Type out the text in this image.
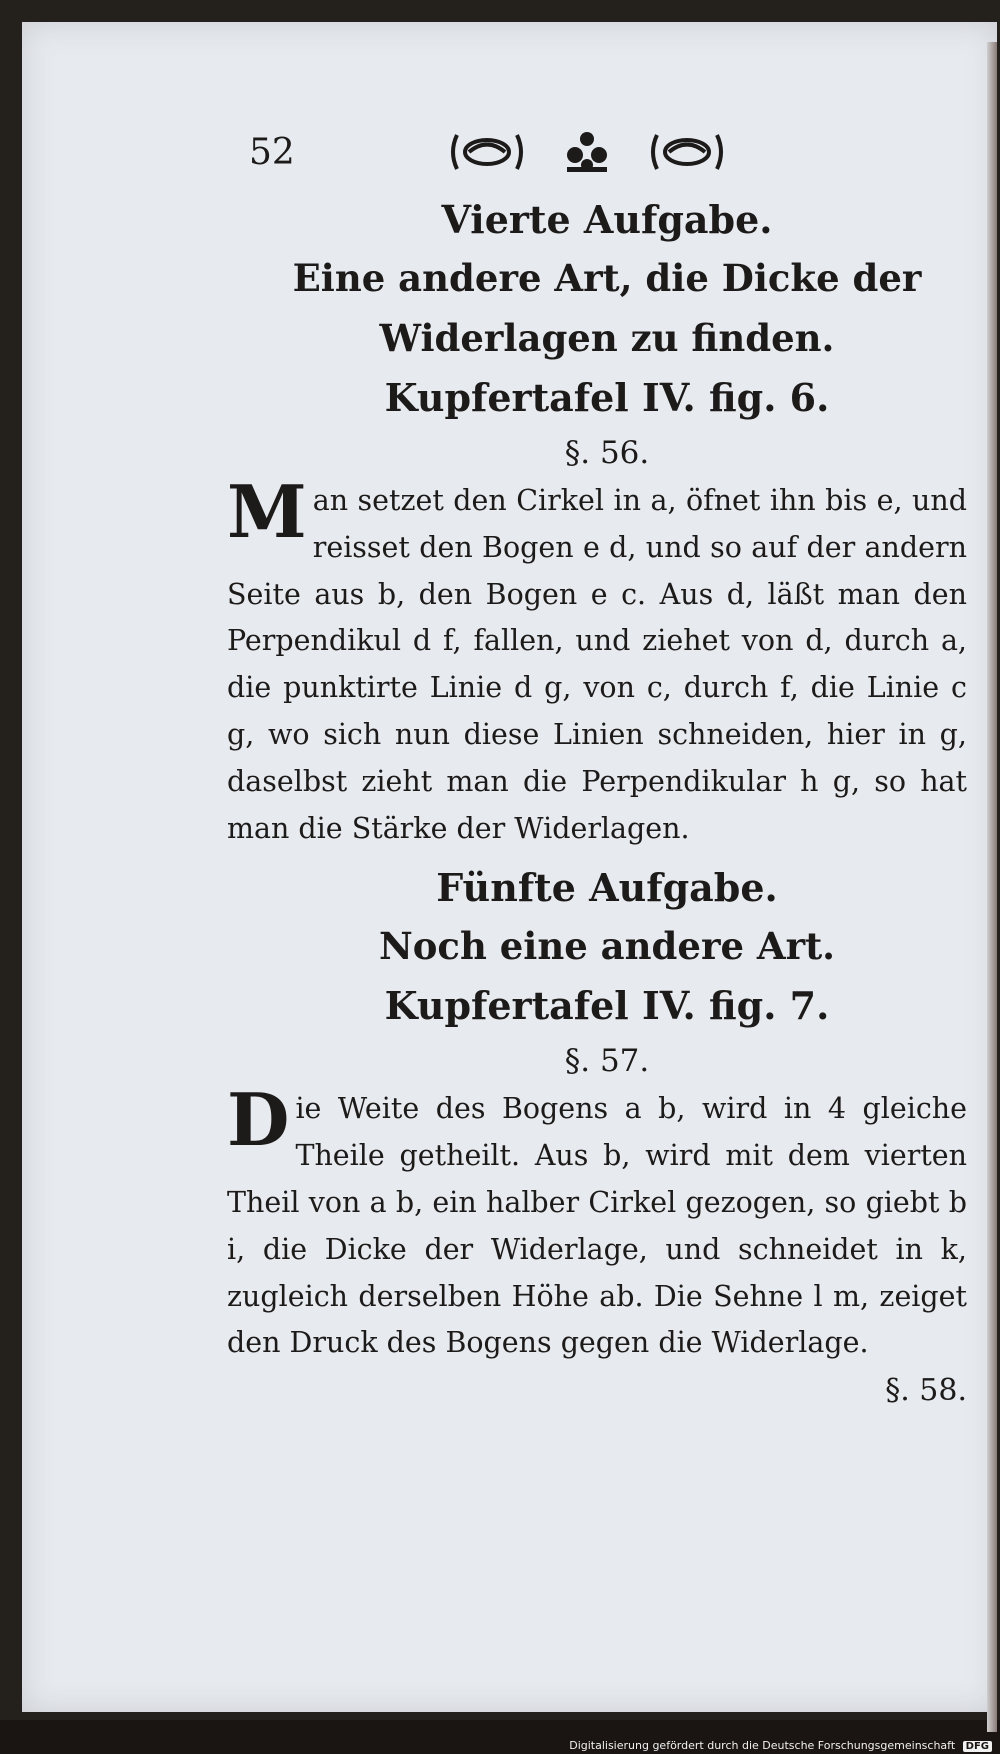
52

Vierte Aufgabe.

Eine andere Art, die Dicke der Widerlagen zu finden.

Kupfertafel IV. fig. 6.

§. 56.

M an setzet den Cirkel in a, öfnet ihn bis e, und reisset den Bogen e d, und so auf der andern Seite aus b, den Bogen e c. Aus d, läßt man den Perpendikul d f, fallen, und ziehet von d, durch a, die punktirte Linie d g, von c, durch f, die Linie c g, wo sich nun diese Linien schneiden, hier in g, daselbst zieht man die Perpendikular h g, so hat man die Stärke der Widerlagen.

Fünfte Aufgabe.

Noch eine andere Art.

Kupfertafel IV. fig. 7.

§. 57.

D ie Weite des Bogens a b, wird in 4 gleiche Theile getheilt. Aus b, wird mit dem vierten Theil von a b, ein halber Cirkel gezogen, so giebt b i, die Dicke der Widerlage, und schneidet in k, zugleich derselben Höhe ab. Die Sehne l m, zeiget den Druck des Bogens gegen die Widerlage.

§. 58.

Digitalisierung gefördert durch die Deutsche Forschungsgemeinschaft DFG
